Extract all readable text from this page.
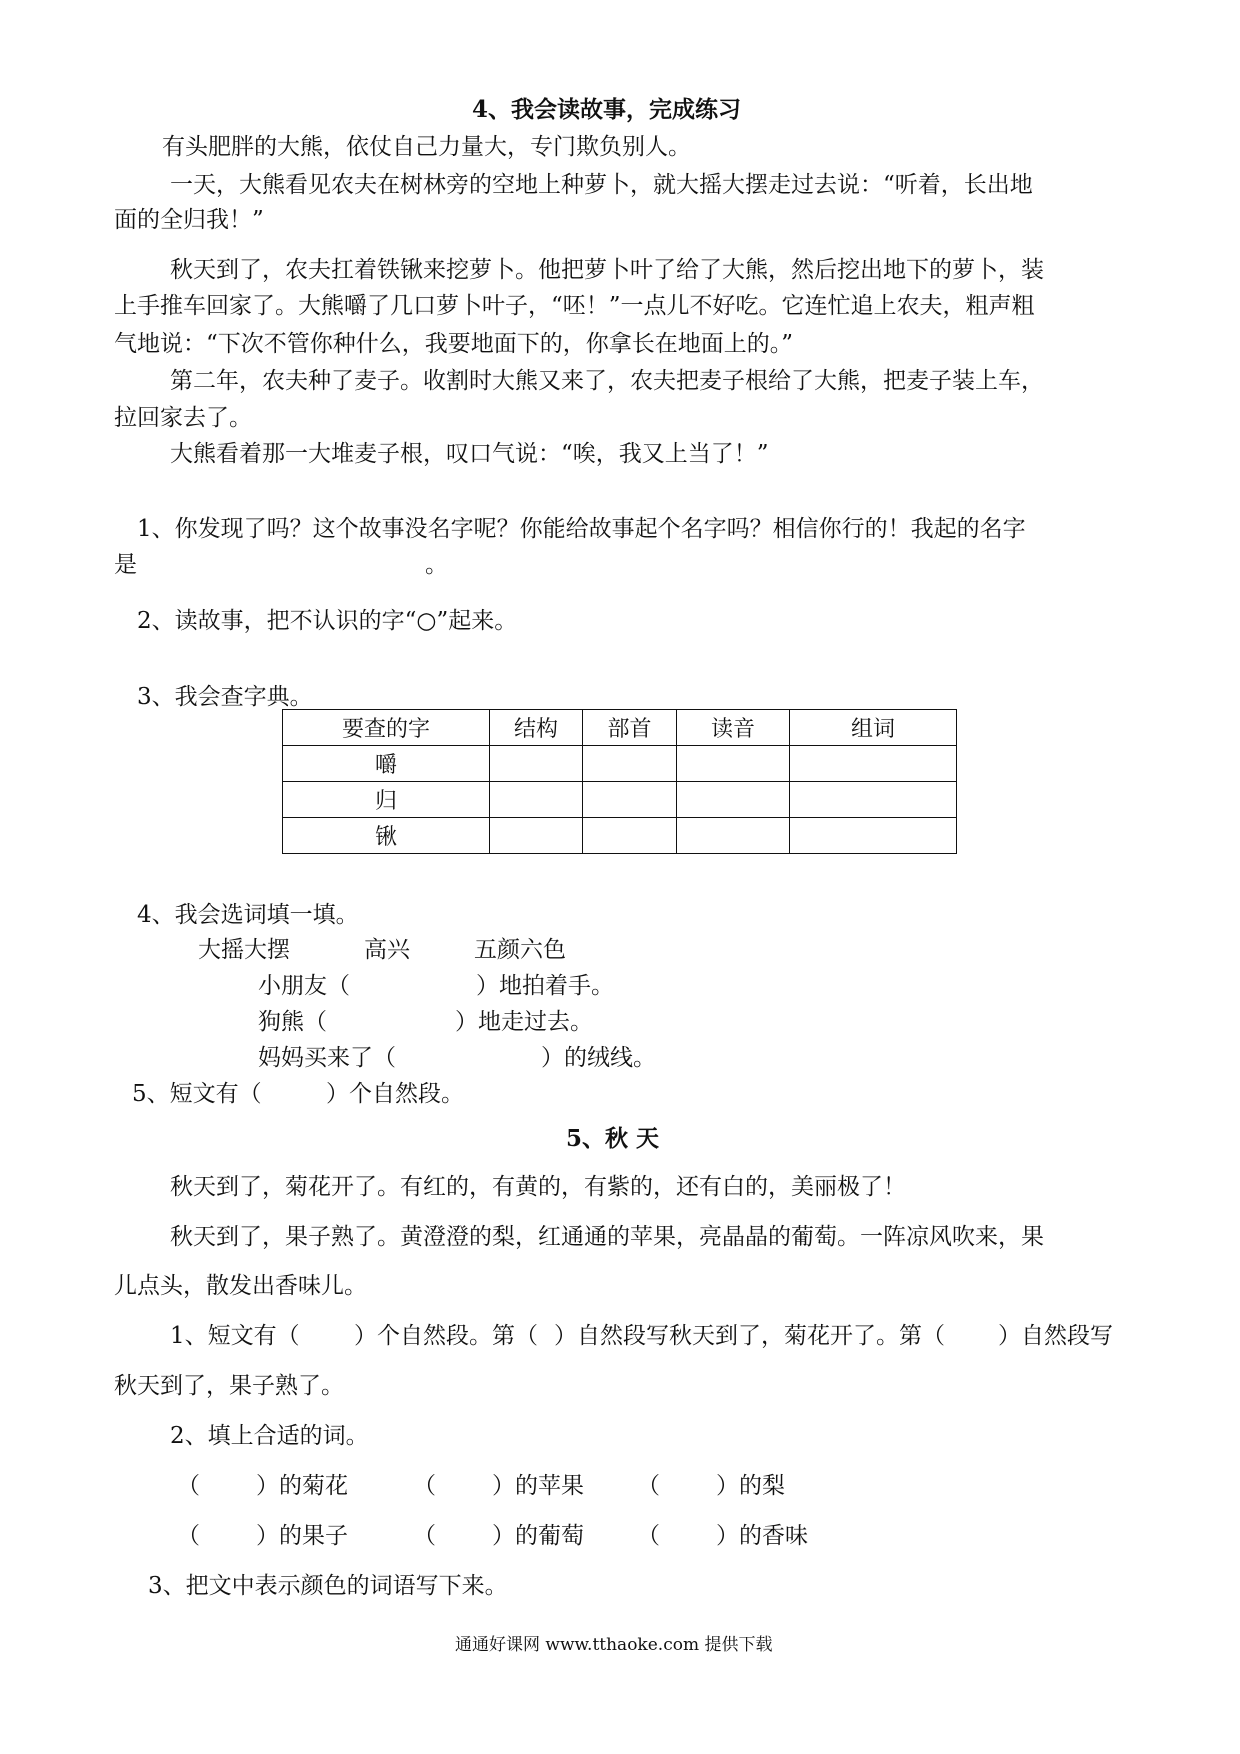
4、我会读故事，完成练习
有头肥胖的大熊，依仗自己力量大，专门欺负别人。
一天，大熊看见农夫在树林旁的空地上种萝卜，就大摇大摆走过去说：“听着，长出地
面的全归我！”
秋天到了，农夫扛着铁锹来挖萝卜。他把萝卜叶了给了大熊，然后挖出地下的萝卜，装
上手推车回家了。大熊嚼了几口萝卜叶子，“呸！”一点儿不好吃。它连忙追上农夫，粗声粗
气地说：“下次不管你种什么，我要地面下的，你拿长在地面上的。”
第二年，农夫种了麦子。收割时大熊又来了，农夫把麦子根给了大熊，把麦子装上车，
拉回家去了。
大熊看着那一大堆麦子根，叹口气说：“唉，我又上当了！”
1、你发现了吗？这个故事没名字呢？你能给故事起个名字吗？相信你行的！我起的名字
是	。
2、读故事，把不认识的字“○”起来。
3、我会查字典。
要查的字	结构	部首	读音	组词
嚼				
归				
锹				
4、我会选词填一填。
大摇大摆	高兴	五颜六色
小朋友（	）地拍着手。
狗熊（	）地走过去。
妈妈买来了（	）的绒线。
5、短文有（	）个自然段。
5、秋 天
秋天到了，菊花开了。有红的，有黄的，有紫的，还有白的，美丽极了！
秋天到了，果子熟了。黄澄澄的梨，红通通的苹果，亮晶晶的葡萄。一阵凉风吹来，果
儿点头，散发出香味儿。
1、短文有（ ）个自然段。第（ ）自然段写秋天到了，菊花开了。第（ ）自然段写
秋天到了，果子熟了。
2、填上合适的词。
（ ）的菊花	（ ）的苹果 （ ）的梨
（ ）的果子	（ ）的葡萄 （ ）的香味
3、把文中表示颜色的词语写下来。
通通好课网 www.tthaoke.com 提供下载
